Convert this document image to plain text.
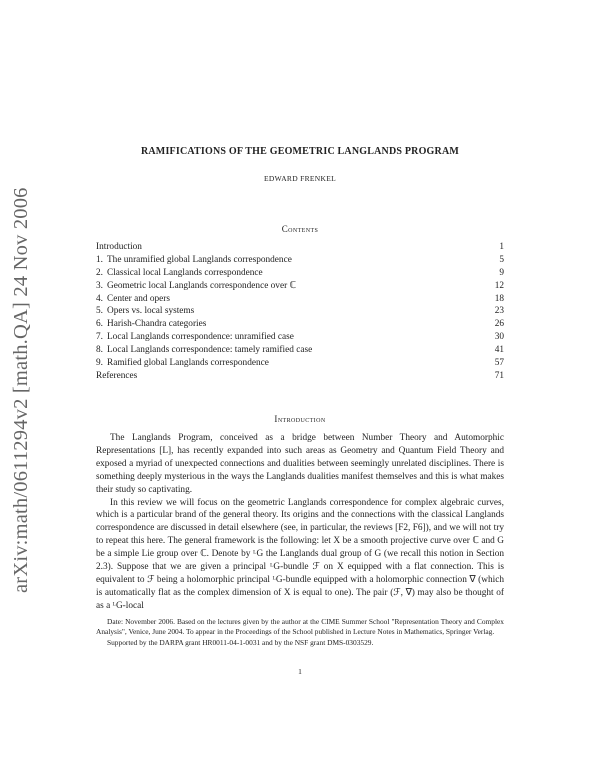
arXiv:math/0611294v2 [math.QA] 24 Nov 2006
RAMIFICATIONS OF THE GEOMETRIC LANGLANDS PROGRAM
EDWARD FRENKEL
Contents
Introduction	1
1. The unramified global Langlands correspondence	5
2. Classical local Langlands correspondence	9
3. Geometric local Langlands correspondence over ℂ	12
4. Center and opers	18
5. Opers vs. local systems	23
6. Harish-Chandra categories	26
7. Local Langlands correspondence: unramified case	30
8. Local Langlands correspondence: tamely ramified case	41
9. Ramified global Langlands correspondence	57
References	71
Introduction

The Langlands Program, conceived as a bridge between Number Theory and Automorphic Representations [L], has recently expanded into such areas as Geometry and Quantum Field Theory and exposed a myriad of unexpected connections and dualities between seemingly unrelated disciplines. There is something deeply mysterious in the ways the Langlands dualities manifest themselves and this is what makes their study so captivating.

In this review we will focus on the geometric Langlands correspondence for complex algebraic curves, which is a particular brand of the general theory. Its origins and the connections with the classical Langlands correspondence are discussed in detail elsewhere (see, in particular, the reviews [F2, F6]), and we will not try to repeat this here. The general framework is the following: let X be a smooth projective curve over ℂ and G be a simple Lie group over ℂ. Denote by ᴸG the Langlands dual group of G (we recall this notion in Section 2.3). Suppose that we are given a principal ᴸG-bundle ℱ on X equipped with a flat connection. This is equivalent to ℱ being a holomorphic principal ᴸG-bundle equipped with a holomorphic connection ∇ (which is automatically flat as the complex dimension of X is equal to one). The pair (ℱ, ∇) may also be thought of as a ᴸG-local

Date: November 2006. Based on the lectures given by the author at the CIME Summer School "Representation Theory and Complex Analysis", Venice, June 2004. To appear in the Proceedings of the School published in Lecture Notes in Mathematics, Springer Verlag.

Supported by the DARPA grant HR0011-04-1-0031 and by the NSF grant DMS-0303529.

1
